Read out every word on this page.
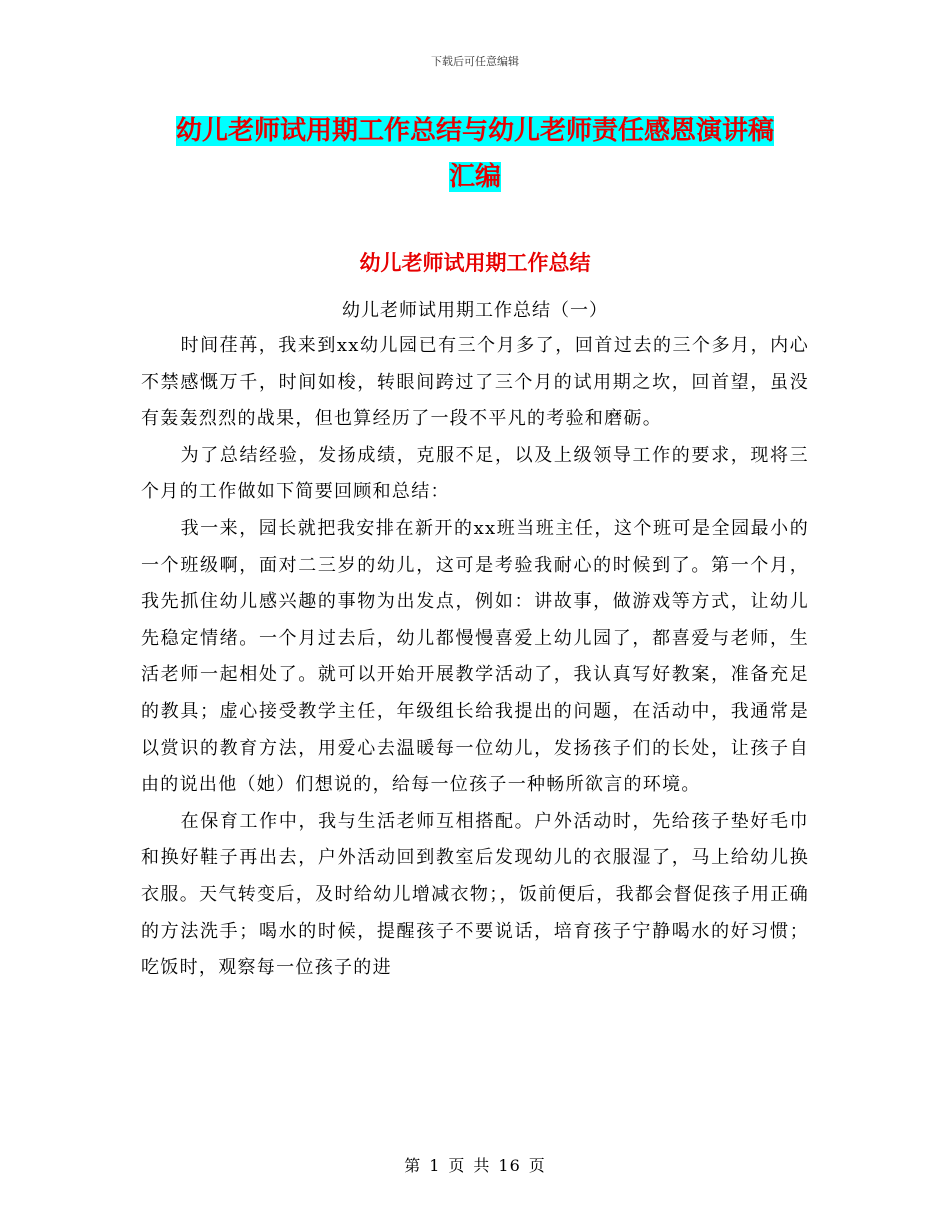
下载后可任意编辑
幼儿老师试用期工作总结与幼儿老师责任感恩演讲稿
汇编
幼儿老师试用期工作总结
幼儿老师试用期工作总结（一）

时间荏苒，我来到xx幼儿园已有三个月多了，回首过去的三个多月，内心不禁感慨万千，时间如梭，转眼间跨过了三个月的试用期之坎，回首望，虽没有轰轰烈烈的战果，但也算经历了一段不平凡的考验和磨砺。

为了总结经验，发扬成绩，克服不足，以及上级领导工作的要求，现将三个月的工作做如下简要回顾和总结：

我一来，园长就把我安排在新开的xx班当班主任，这个班可是全园最小的一个班级啊，面对二三岁的幼儿，这可是考验我耐心的时候到了。第一个月，我先抓住幼儿感兴趣的事物为出发点，例如：讲故事，做游戏等方式，让幼儿先稳定情绪。一个月过去后，幼儿都慢慢喜爱上幼儿园了，都喜爱与老师，生活老师一起相处了。就可以开始开展教学活动了，我认真写好教案，准备充足的教具；虚心接受教学主任，年级组长给我提出的问题，在活动中，我通常是以赏识的教育方法，用爱心去温暖每一位幼儿，发扬孩子们的长处，让孩子自由的说出他（她）们想说的，给每一位孩子一种畅所欲言的环境。

在保育工作中，我与生活老师互相搭配。户外活动时，先给孩子垫好毛巾和换好鞋子再出去，户外活动回到教室后发现幼儿的衣服湿了，马上给幼儿换衣服。天气转变后，及时给幼儿增减衣物；，饭前便后，我都会督促孩子用正确的方法洗手；喝水的时候，提醒孩子不要说话，培育孩子宁静喝水的好习惯；吃饭时，观察每一位孩子的进

第 1 页 共 16 页
